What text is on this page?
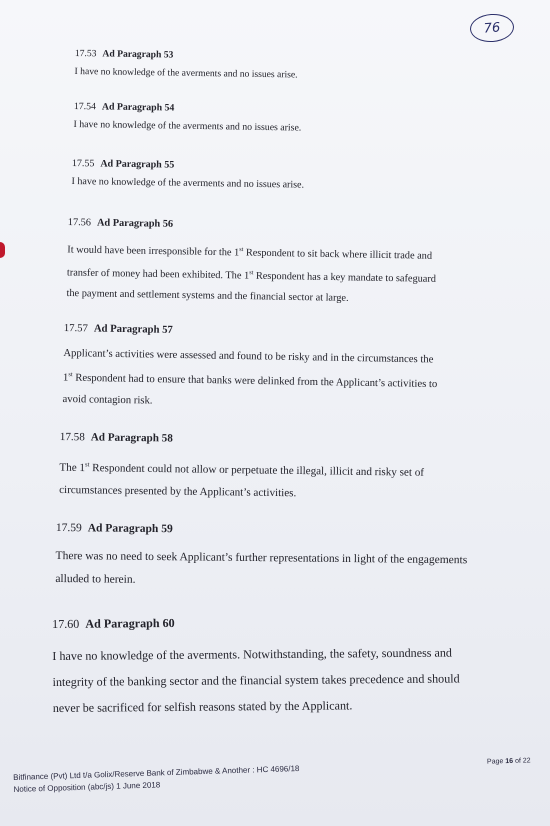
76
17.53 Ad Paragraph 53
I have no knowledge of the averments and no issues arise.
17.54 Ad Paragraph 54
I have no knowledge of the averments and no issues arise.
17.55 Ad Paragraph 55
I have no knowledge of the averments and no issues arise.
17.56 Ad Paragraph 56
It would have been irresponsible for the 1st Respondent to sit back where illicit trade and
transfer of money had been exhibited. The 1st Respondent has a key mandate to safeguard
the payment and settlement systems and the financial sector at large.
17.57 Ad Paragraph 57
Applicant’s activities were assessed and found to be risky and in the circumstances the
1st Respondent had to ensure that banks were delinked from the Applicant’s activities to
avoid contagion risk.
17.58 Ad Paragraph 58
The 1st Respondent could not allow or perpetuate the illegal, illicit and risky set of
circumstances presented by the Applicant’s activities.
17.59 Ad Paragraph 59
There was no need to seek Applicant’s further representations in light of the engagements
alluded to herein.
17.60 Ad Paragraph 60
I have no knowledge of the averments. Notwithstanding, the safety, soundness and
integrity of the banking sector and the financial system takes precedence and should
never be sacrificed for selfish reasons stated by the Applicant.
Bitfinance (Pvt) Ltd t/a Golix/Reserve Bank of Zimbabwe & Another : HC 4696/18
Notice of Opposition (abc/js) 1 June 2018
Page 16 of 22
